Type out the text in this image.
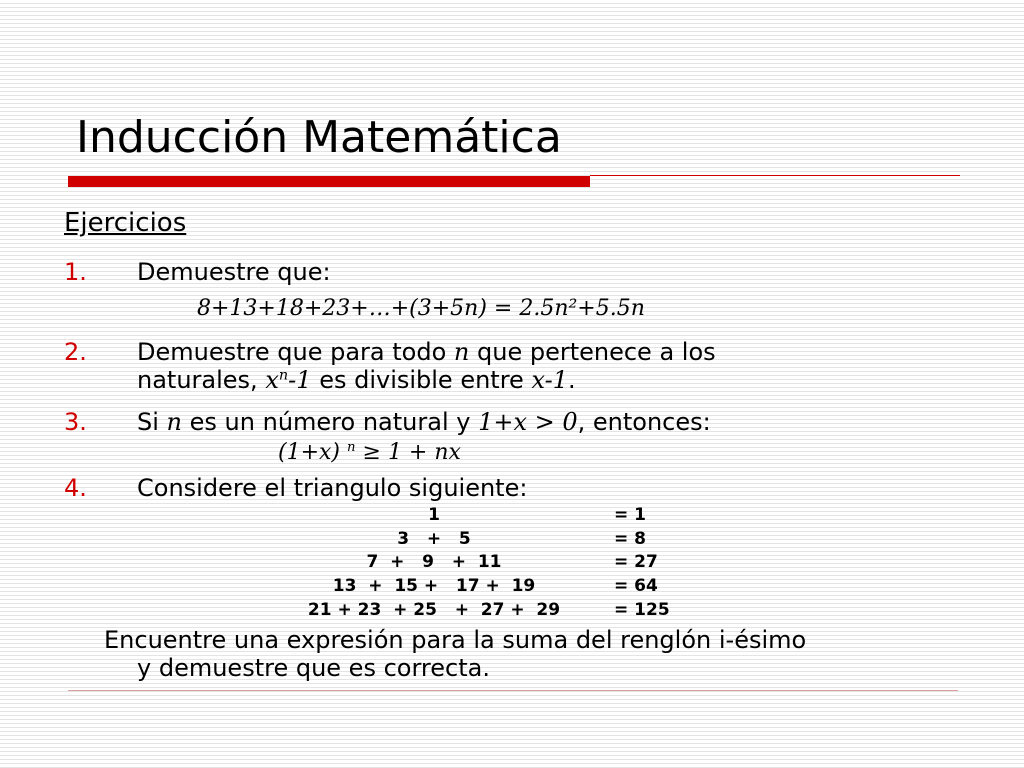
Inducción Matemática
Ejercicios
1. Demuestre que:
8+13+18+23+…+(3+5n) = 2.5n²+5.5n
2. Demuestre que para todo n que pertenece a los
naturales, $x^n-1$ es divisible entre x-1.
3. Si n es un número natural y 1+x > 0, entonces:
(1+x) $^n$ ≥ 1 + nx
4. Considere el triangulo siguiente:
1	= 1
3   +   5	= 8
7  +   9   +  11	= 27
13  +  15 +   17 +  19	= 64
21 + 23  + 25   +  27 +  29	= 125
Encuentre una expresión para la suma del renglón i-ésimo
y demuestre que es correcta.
